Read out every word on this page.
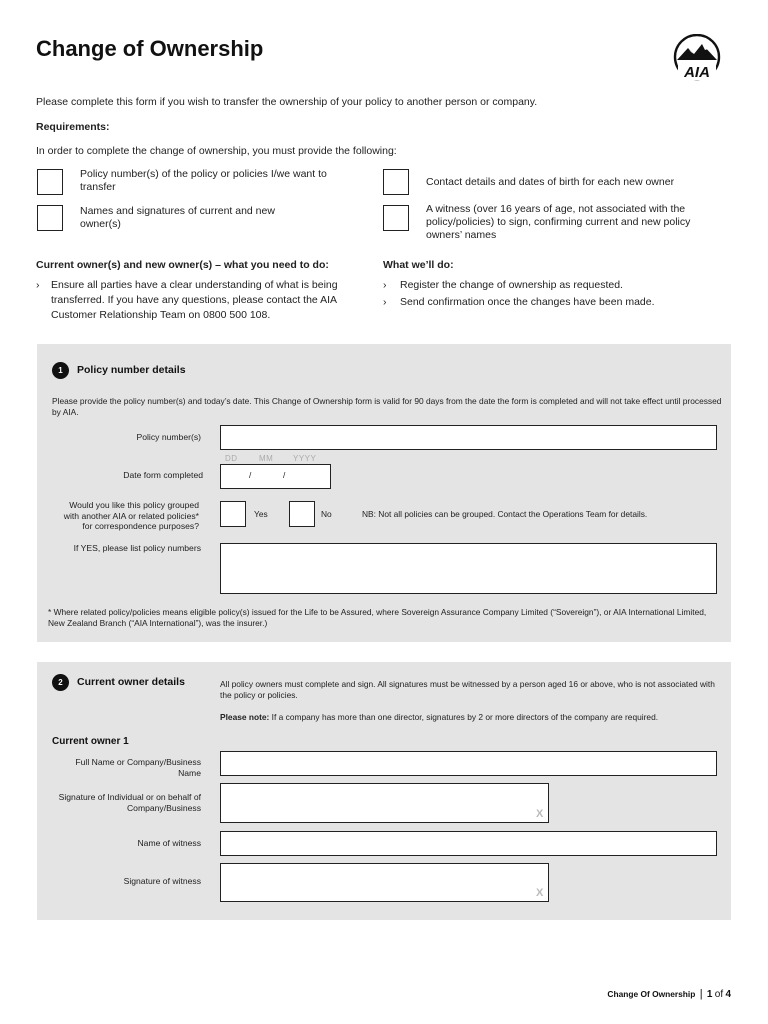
Change of Ownership
AIA
Please complete this form if you wish to transfer the ownership of your policy to another person or company.
Requirements:
In order to complete the change of ownership, you must provide the following:
Policy number(s) of the policy or policies I/we want to transfer
Names and signatures of current and new owner(s)
Contact details and dates of birth for each new owner
A witness (over 16 years of age, not associated with the policy/policies) to sign, confirming current and new policy owners’ names
Current owner(s) and new owner(s) – what you need to do:
›	Ensure all parties have a clear understanding of what is being transferred. If you have any questions, please contact the AIA Customer Relationship Team on 0800 500 108.
What we’ll do:
›	Register the change of ownership as requested.
›	Send confirmation once the changes have been made.
1	Policy number details
Please provide the policy number(s) and today’s date. This Change of Ownership form is valid for 90 days from the date the form is completed and will not take effect until processed by AIA.
Policy number(s)
DD	MM YYYY
Date form completed	/	/
Would you like this policy grouped with another AIA or related policies* for correspondence purposes?
Yes	No	NB: Not all policies can be grouped. Contact the Operations Team for details.
If YES, please list policy numbers
* Where related policy/policies means eligible policy(s) issued for the Life to be Assured, where Sovereign Assurance Company Limited (“Sovereign”), or AIA International Limited, New Zealand Branch (“AIA International”), was the insurer.)
2	Current owner details	All policy owners must complete and sign. All signatures must be witnessed by a person aged 16 or above, who is not associated with the policy or policies.
Please note: If a company has more than one director, signatures by 2 or more directors of the company are required.
Current owner 1
Full Name or Company/Business Name
Signature of Individual or on behalf of Company/Business
X
Name of witness
Signature of witness
X
Change Of Ownership | 1 of 4
